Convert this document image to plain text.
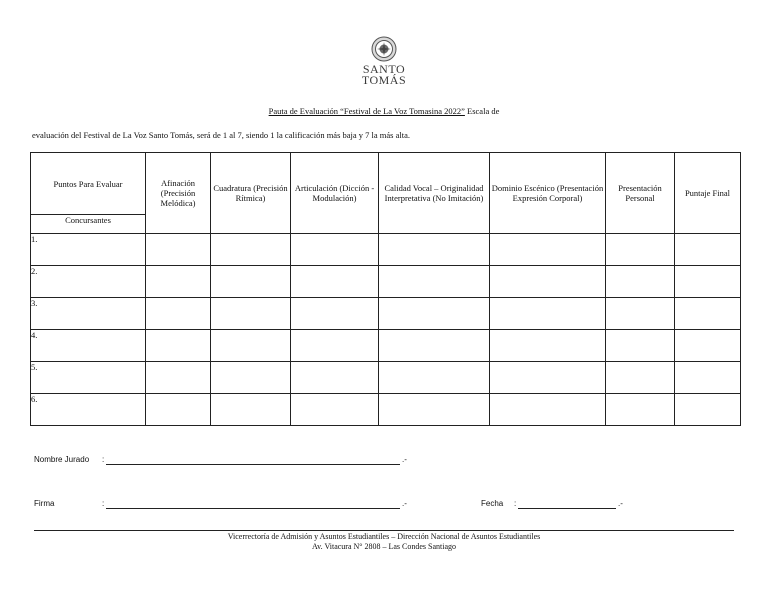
SANTO
TOMÁS
Pauta de Evaluación “Festival de La Voz Tomasina 2022” Escala de
evaluación del Festival de La Voz Santo Tomás, será de 1 al 7, siendo 1 la calificación más baja y 7 la más alta.
Puntos Para Evaluar
Concursantes	Afinación (Precisión Melódica)	Cuadratura (Precisión Rítmica)	Articulación (Dicción - Modulación)	Calidad Vocal – Originalidad Interpretativa (No Imitación)	Dominio Escénico (Presentación Expresión Corporal)	Presentación Personal	Puntaje Final
1.							
2.							
3.							
4.							
5.							
6.							
Nombre Jurado :	.-
Firma	:	.-	Fecha :	.-
Vicerrectoría de Admisión y Asuntos Estudiantiles – Dirección Nacional de Asuntos Estudiantiles
Av. Vitacura N° 2808 – Las Condes Santiago
